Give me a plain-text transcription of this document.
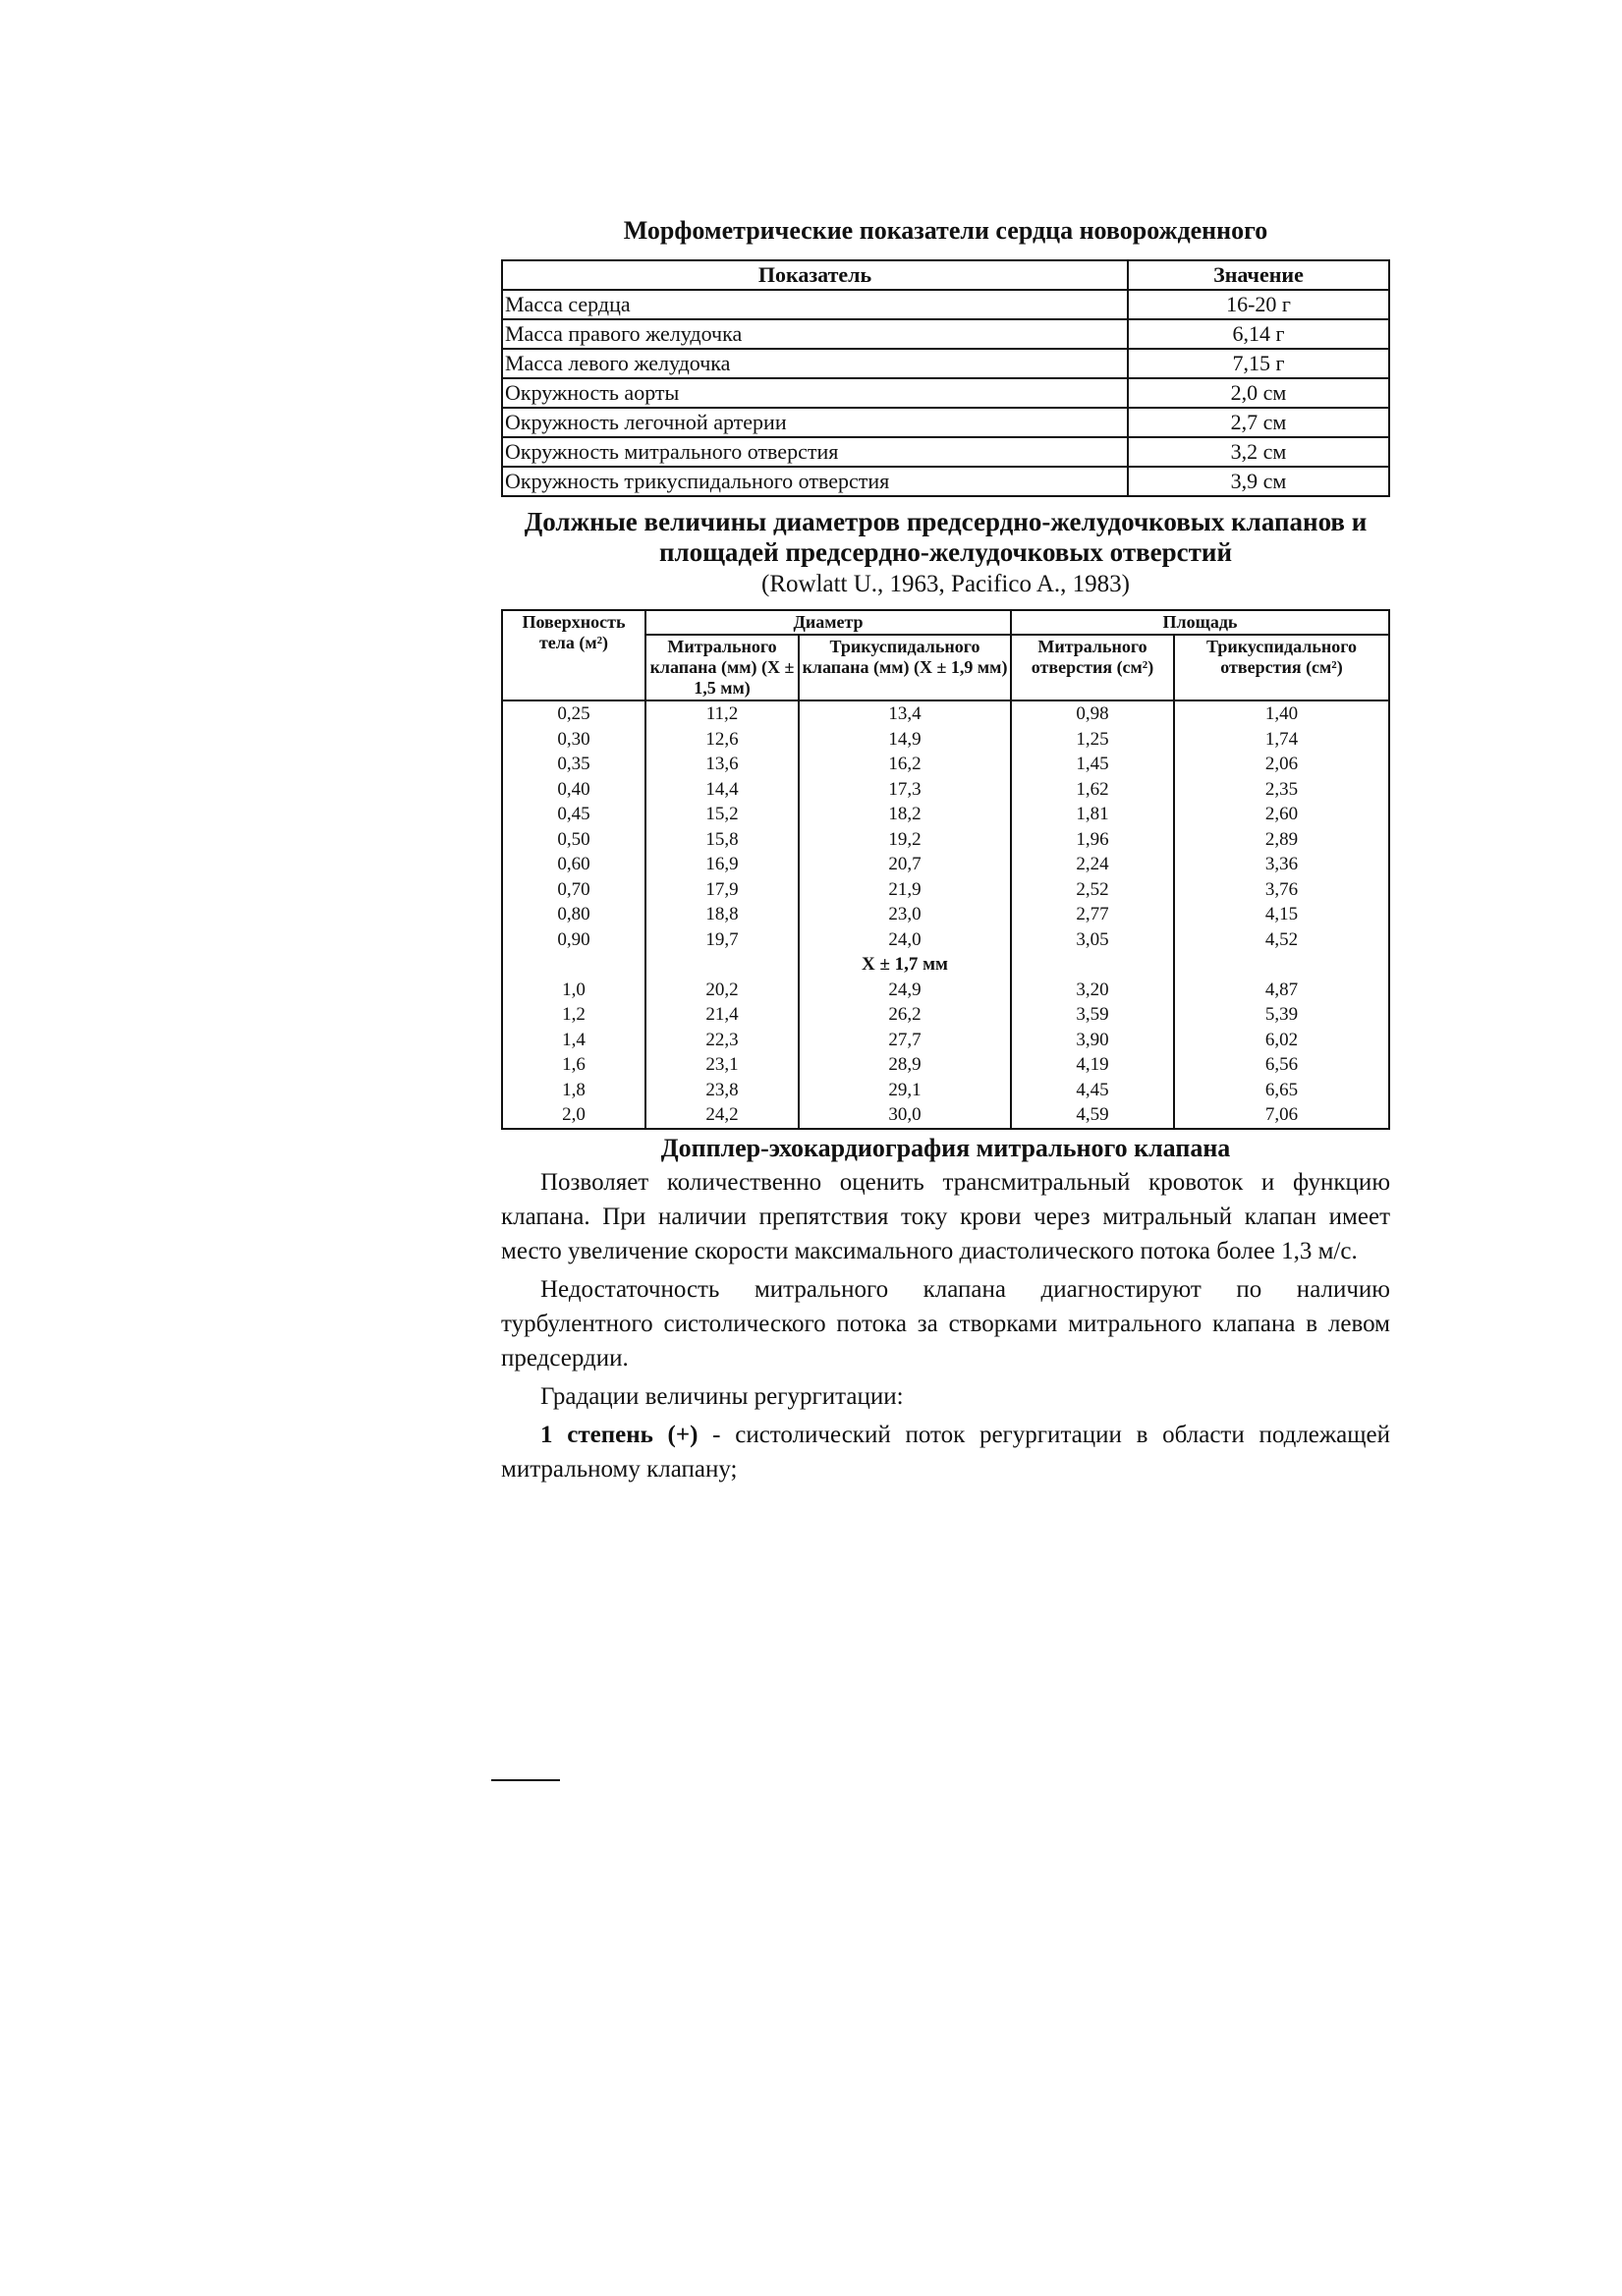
Морфометрические показатели сердца новорожденного
Показатель	Значение
Масса сердца	16-20 г
Масса правого желудочка	6,14 г
Масса левого желудочка	7,15 г
Окружность аорты	2,0 см
Окружность легочной артерии	2,7 см
Окружность митрального отверстия	3,2 см
Окружность трикуспидального отверстия	3,9 см
Должные величины диаметров предсердно-желудочковых клапанов и площадей предсердно-желудочковых отверстий
(Rowlatt U., 1963, Pacifico A., 1983)
Поверхность тела (м²)	Диаметр		Площадь	
	Митрального клапана (мм) (X ± 1,5 мм)	Трикуспидального клапана (мм) (X ± 1,9 мм)	Митрального отверстия (см²)	Трикуспидального отверстия (см²)
0,25	11,2	13,4	0,98	1,40
0,30	12,6	14,9	1,25	1,74
0,35	13,6	16,2	1,45	2,06
0,40	14,4	17,3	1,62	2,35
0,45	15,2	18,2	1,81	2,60
0,50	15,8	19,2	1,96	2,89
0,60	16,9	20,7	2,24	3,36
0,70	17,9	21,9	2,52	3,76
0,80	18,8	23,0	2,77	4,15
0,90	19,7	24,0	3,05	4,52
		X ± 1,7 мм		
1,0	20,2	24,9	3,20	4,87
1,2	21,4	26,2	3,59	5,39
1,4	22,3	27,7	3,90	6,02
1,6	23,1	28,9	4,19	6,56
1,8	23,8	29,1	4,45	6,65
2,0	24,2	30,0	4,59	7,06
Допплер-эхокардиография митрального клапана

Позволяет количественно оценить трансмитральный кровоток и функцию клапана. При наличии препятствия току крови через митральный клапан имеет место увеличение скорости максимального диастолического потока более 1,3 м/с.

Недостаточность митрального клапана диагностируют по наличию турбулентного систолического потока за створками митрального клапана в левом предсердии.

Градации величины регургитации:

1 степень (+) - систолический поток регургитации в области подлежащей митральному клапану;
